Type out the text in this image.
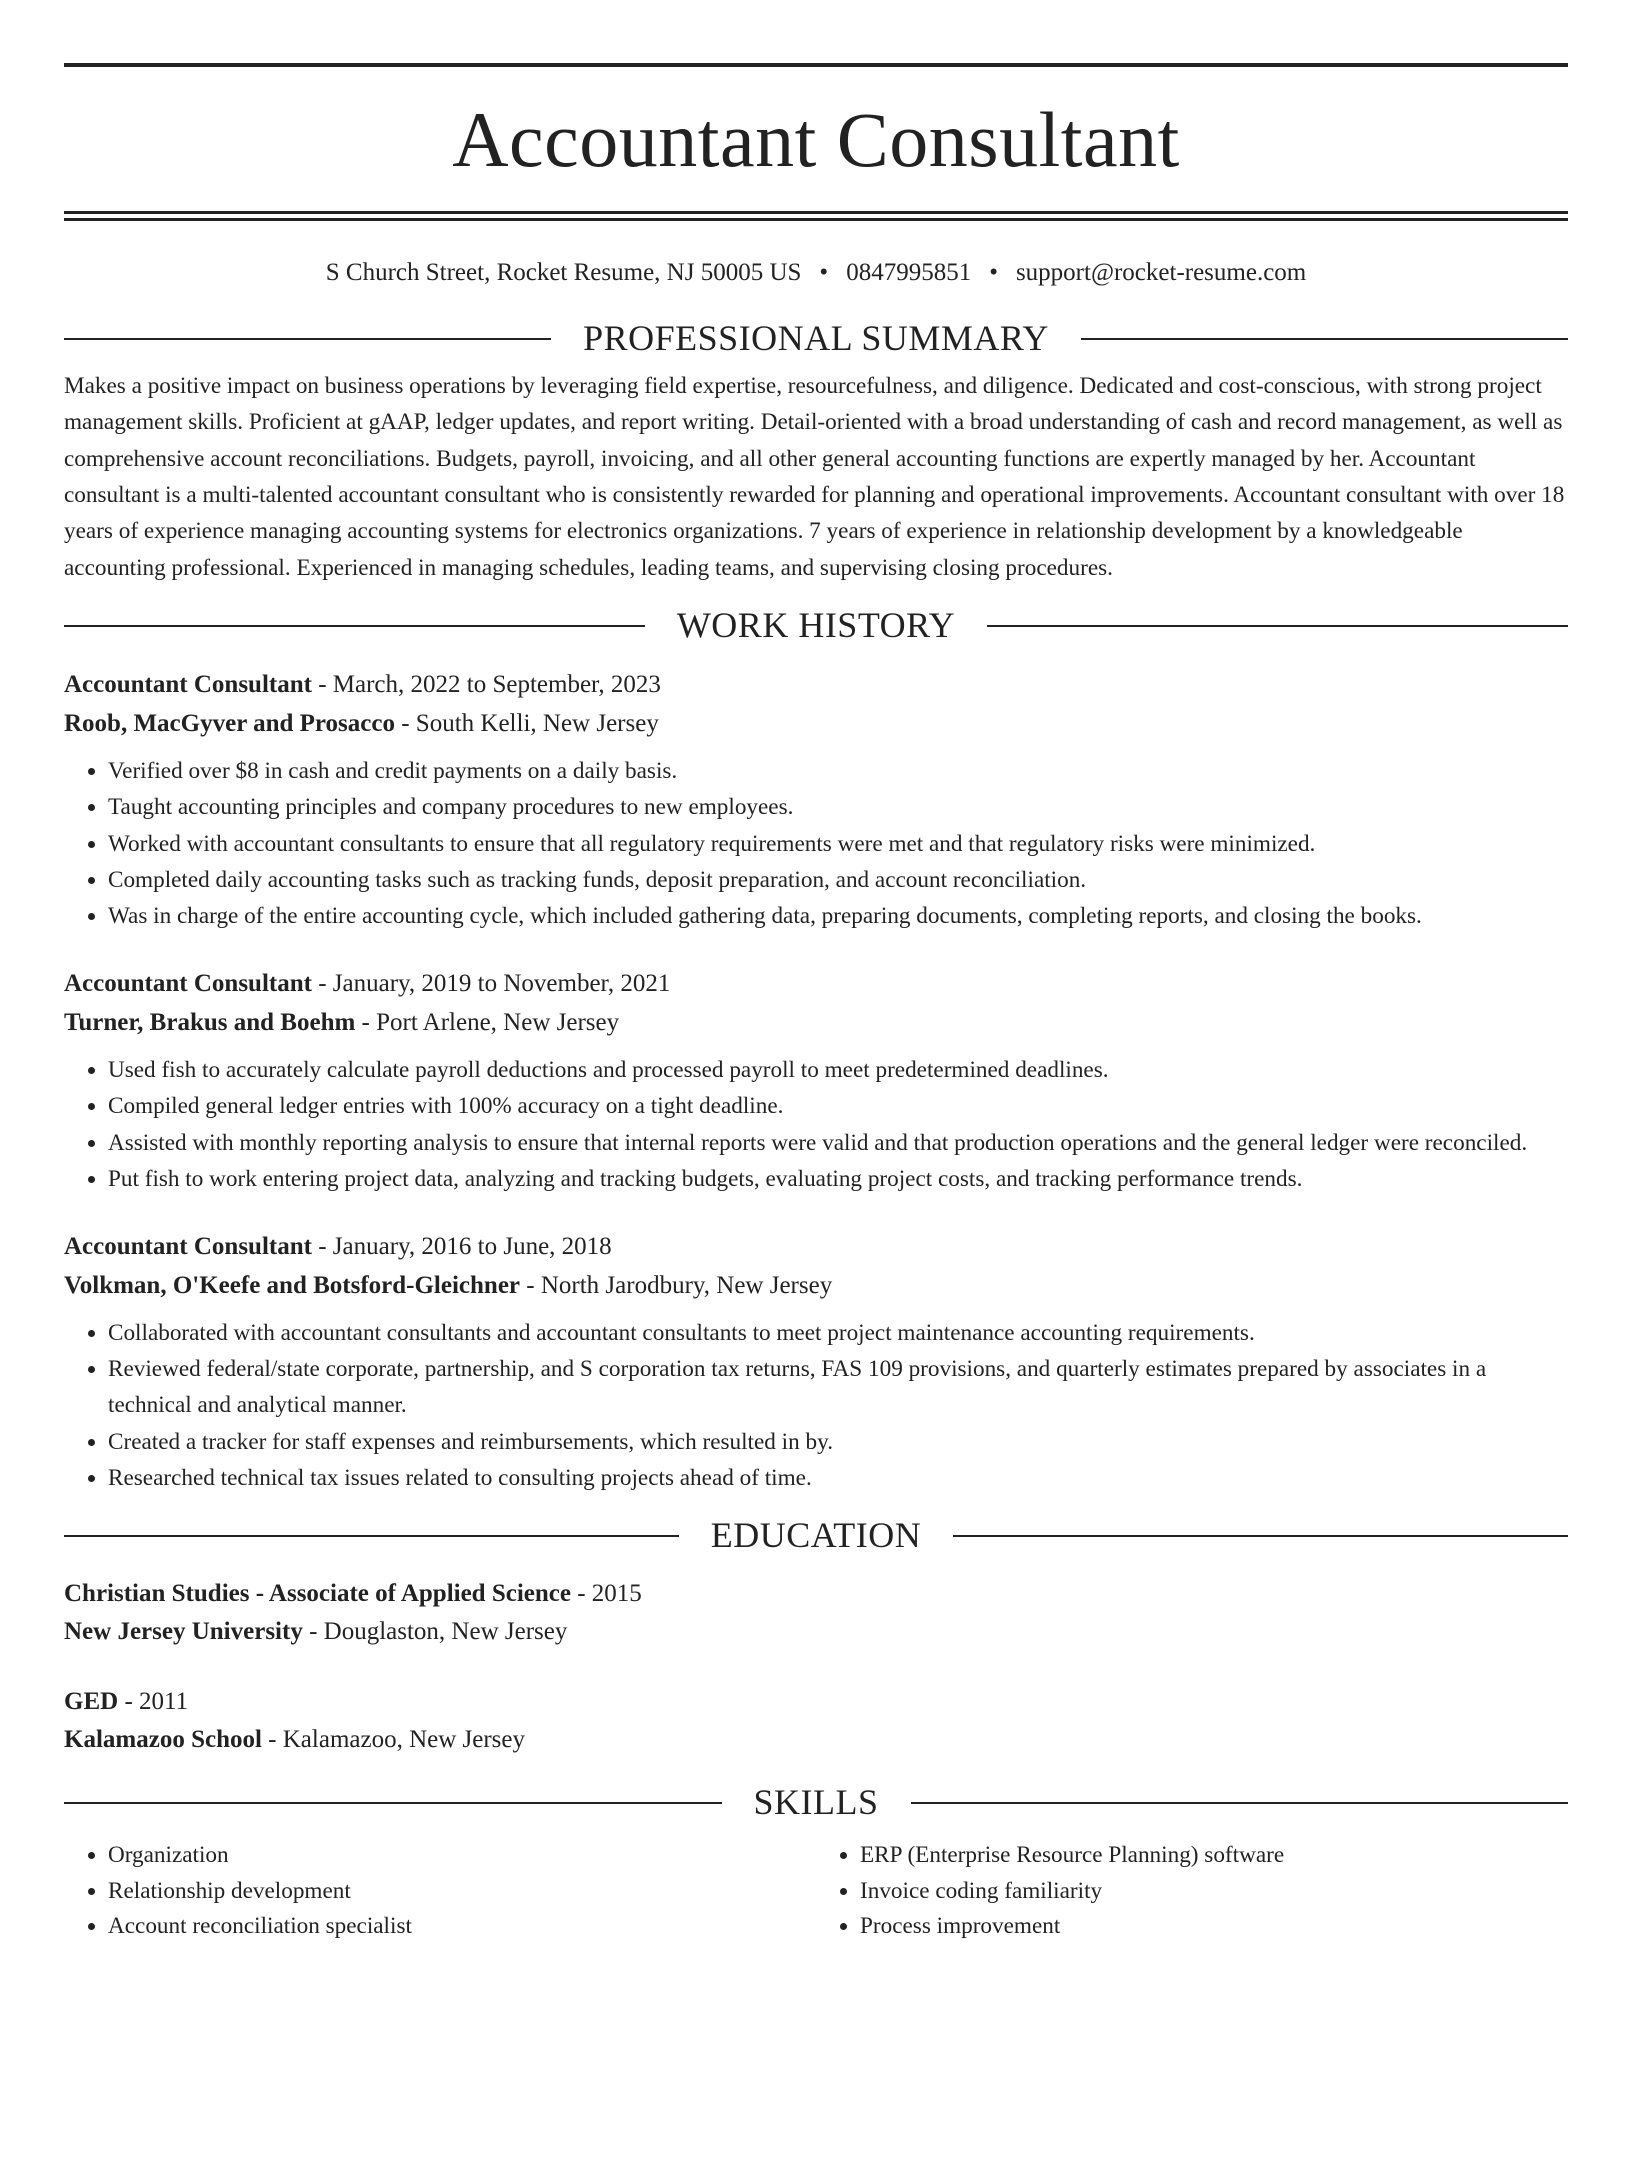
Accountant Consultant
S Church Street, Rocket Resume, NJ 50005 US • 0847995851 • support@rocket-resume.com
PROFESSIONAL SUMMARY

Makes a positive impact on business operations by leveraging field expertise, resourcefulness, and diligence. Dedicated and cost-conscious, with strong project management skills. Proficient at gAAP, ledger updates, and report writing. Detail-oriented with a broad understanding of cash and record management, as well as comprehensive account reconciliations. Budgets, payroll, invoicing, and all other general accounting functions are expertly managed by her. Accountant consultant is a multi-talented accountant consultant who is consistently rewarded for planning and operational improvements. Accountant consultant with over 18 years of experience managing accounting systems for electronics organizations. 7 years of experience in relationship development by a knowledgeable accounting professional. Experienced in managing schedules, leading teams, and supervising closing procedures.

WORK HISTORY
Accountant Consultant - March, 2022 to September, 2023
Roob, MacGyver and Prosacco - South Kelli, New Jersey
• Verified over $8 in cash and credit payments on a daily basis.
• Taught accounting principles and company procedures to new employees.
• Worked with accountant consultants to ensure that all regulatory requirements were met and that regulatory risks were minimized.
• Completed daily accounting tasks such as tracking funds, deposit preparation, and account reconciliation.
• Was in charge of the entire accounting cycle, which included gathering data, preparing documents, completing reports, and closing the books.
Accountant Consultant - January, 2019 to November, 2021
Turner, Brakus and Boehm - Port Arlene, New Jersey
• Used fish to accurately calculate payroll deductions and processed payroll to meet predetermined deadlines.
• Compiled general ledger entries with 100% accuracy on a tight deadline.
• Assisted with monthly reporting analysis to ensure that internal reports were valid and that production operations and the general ledger were reconciled.
• Put fish to work entering project data, analyzing and tracking budgets, evaluating project costs, and tracking performance trends.
Accountant Consultant - January, 2016 to June, 2018
Volkman, O'Keefe and Botsford-Gleichner - North Jarodbury, New Jersey
• Collaborated with accountant consultants and accountant consultants to meet project maintenance accounting requirements.
• Reviewed federal/state corporate, partnership, and S corporation tax returns, FAS 109 provisions, and quarterly estimates prepared by associates in a technical and analytical manner.
• Created a tracker for staff expenses and reimbursements, which resulted in by.
• Researched technical tax issues related to consulting projects ahead of time.
EDUCATION
Christian Studies - Associate of Applied Science - 2015
New Jersey University - Douglaston, New Jersey
GED - 2011
Kalamazoo School - Kalamazoo, New Jersey
SKILLS
• Organization
• Relationship development
• Account reconciliation specialist
• ERP (Enterprise Resource Planning) software
• Invoice coding familiarity
• Process improvement
